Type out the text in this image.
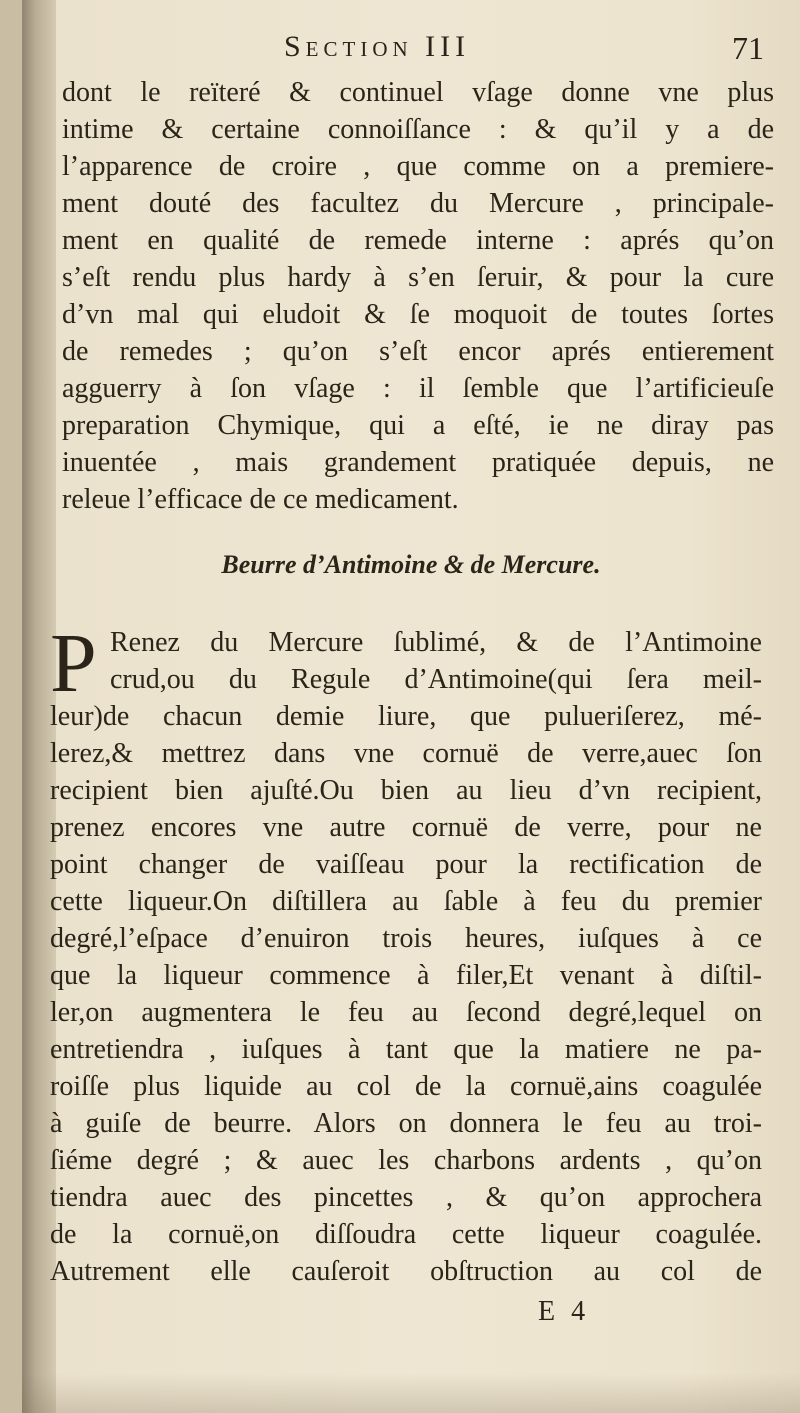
Section III	71
dont le reïteré & continuel vſage donne vne plus
intime & certaine connoiſſance : & qu’il y a de
l’apparence de croire , que comme on a premiere-
ment douté des facultez du Mercure , principale-
ment en qualité de remede interne : aprés qu’on
s’eſt rendu plus hardy à s’en ſeruir, & pour la cure
d’vn mal qui eludoit & ſe moquoit de toutes ſortes
de remedes ; qu’on s’eſt encor aprés entierement
agguerry à ſon vſage : il ſemble que l’artificieuſe
preparation Chymique, qui a eſté, ie ne diray pas
inuentée , mais grandement pratiquée depuis, ne
releue l’efficace de ce medicament.
Beurre d’Antimoine & de Mercure.
P Renez du Mercure ſublimé, & de l’Antimoine
crud,ou du Regule d’Antimoine(qui ſera meil-
leur)de chacun demie liure, que pulueriſerez, mé-
lerez,& mettrez dans vne cornuë de verre,auec ſon
recipient bien ajuſté.Ou bien au lieu d’vn recipient,
prenez encores vne autre cornuë de verre, pour ne
point changer de vaiſſeau pour la rectification de
cette liqueur.On diſtillera au ſable à feu du premier
degré,l’eſpace d’enuiron trois heures, iuſques à ce
que la liqueur commence à filer,Et venant à diſtil-
ler,on augmentera le feu au ſecond degré,lequel on
entretiendra , iuſques à tant que la matiere ne pa-
roiſſe plus liquide au col de la cornuë,ains coagulée
à guiſe de beurre. Alors on donnera le feu au troi-
ſiéme degré ; & auec les charbons ardents , qu’on
tiendra auec des pincettes , & qu’on approchera
de la cornuë,on diſſoudra cette liqueur coagulée.
Autrement elle cauſeroit obſtruction au col de
E 4
